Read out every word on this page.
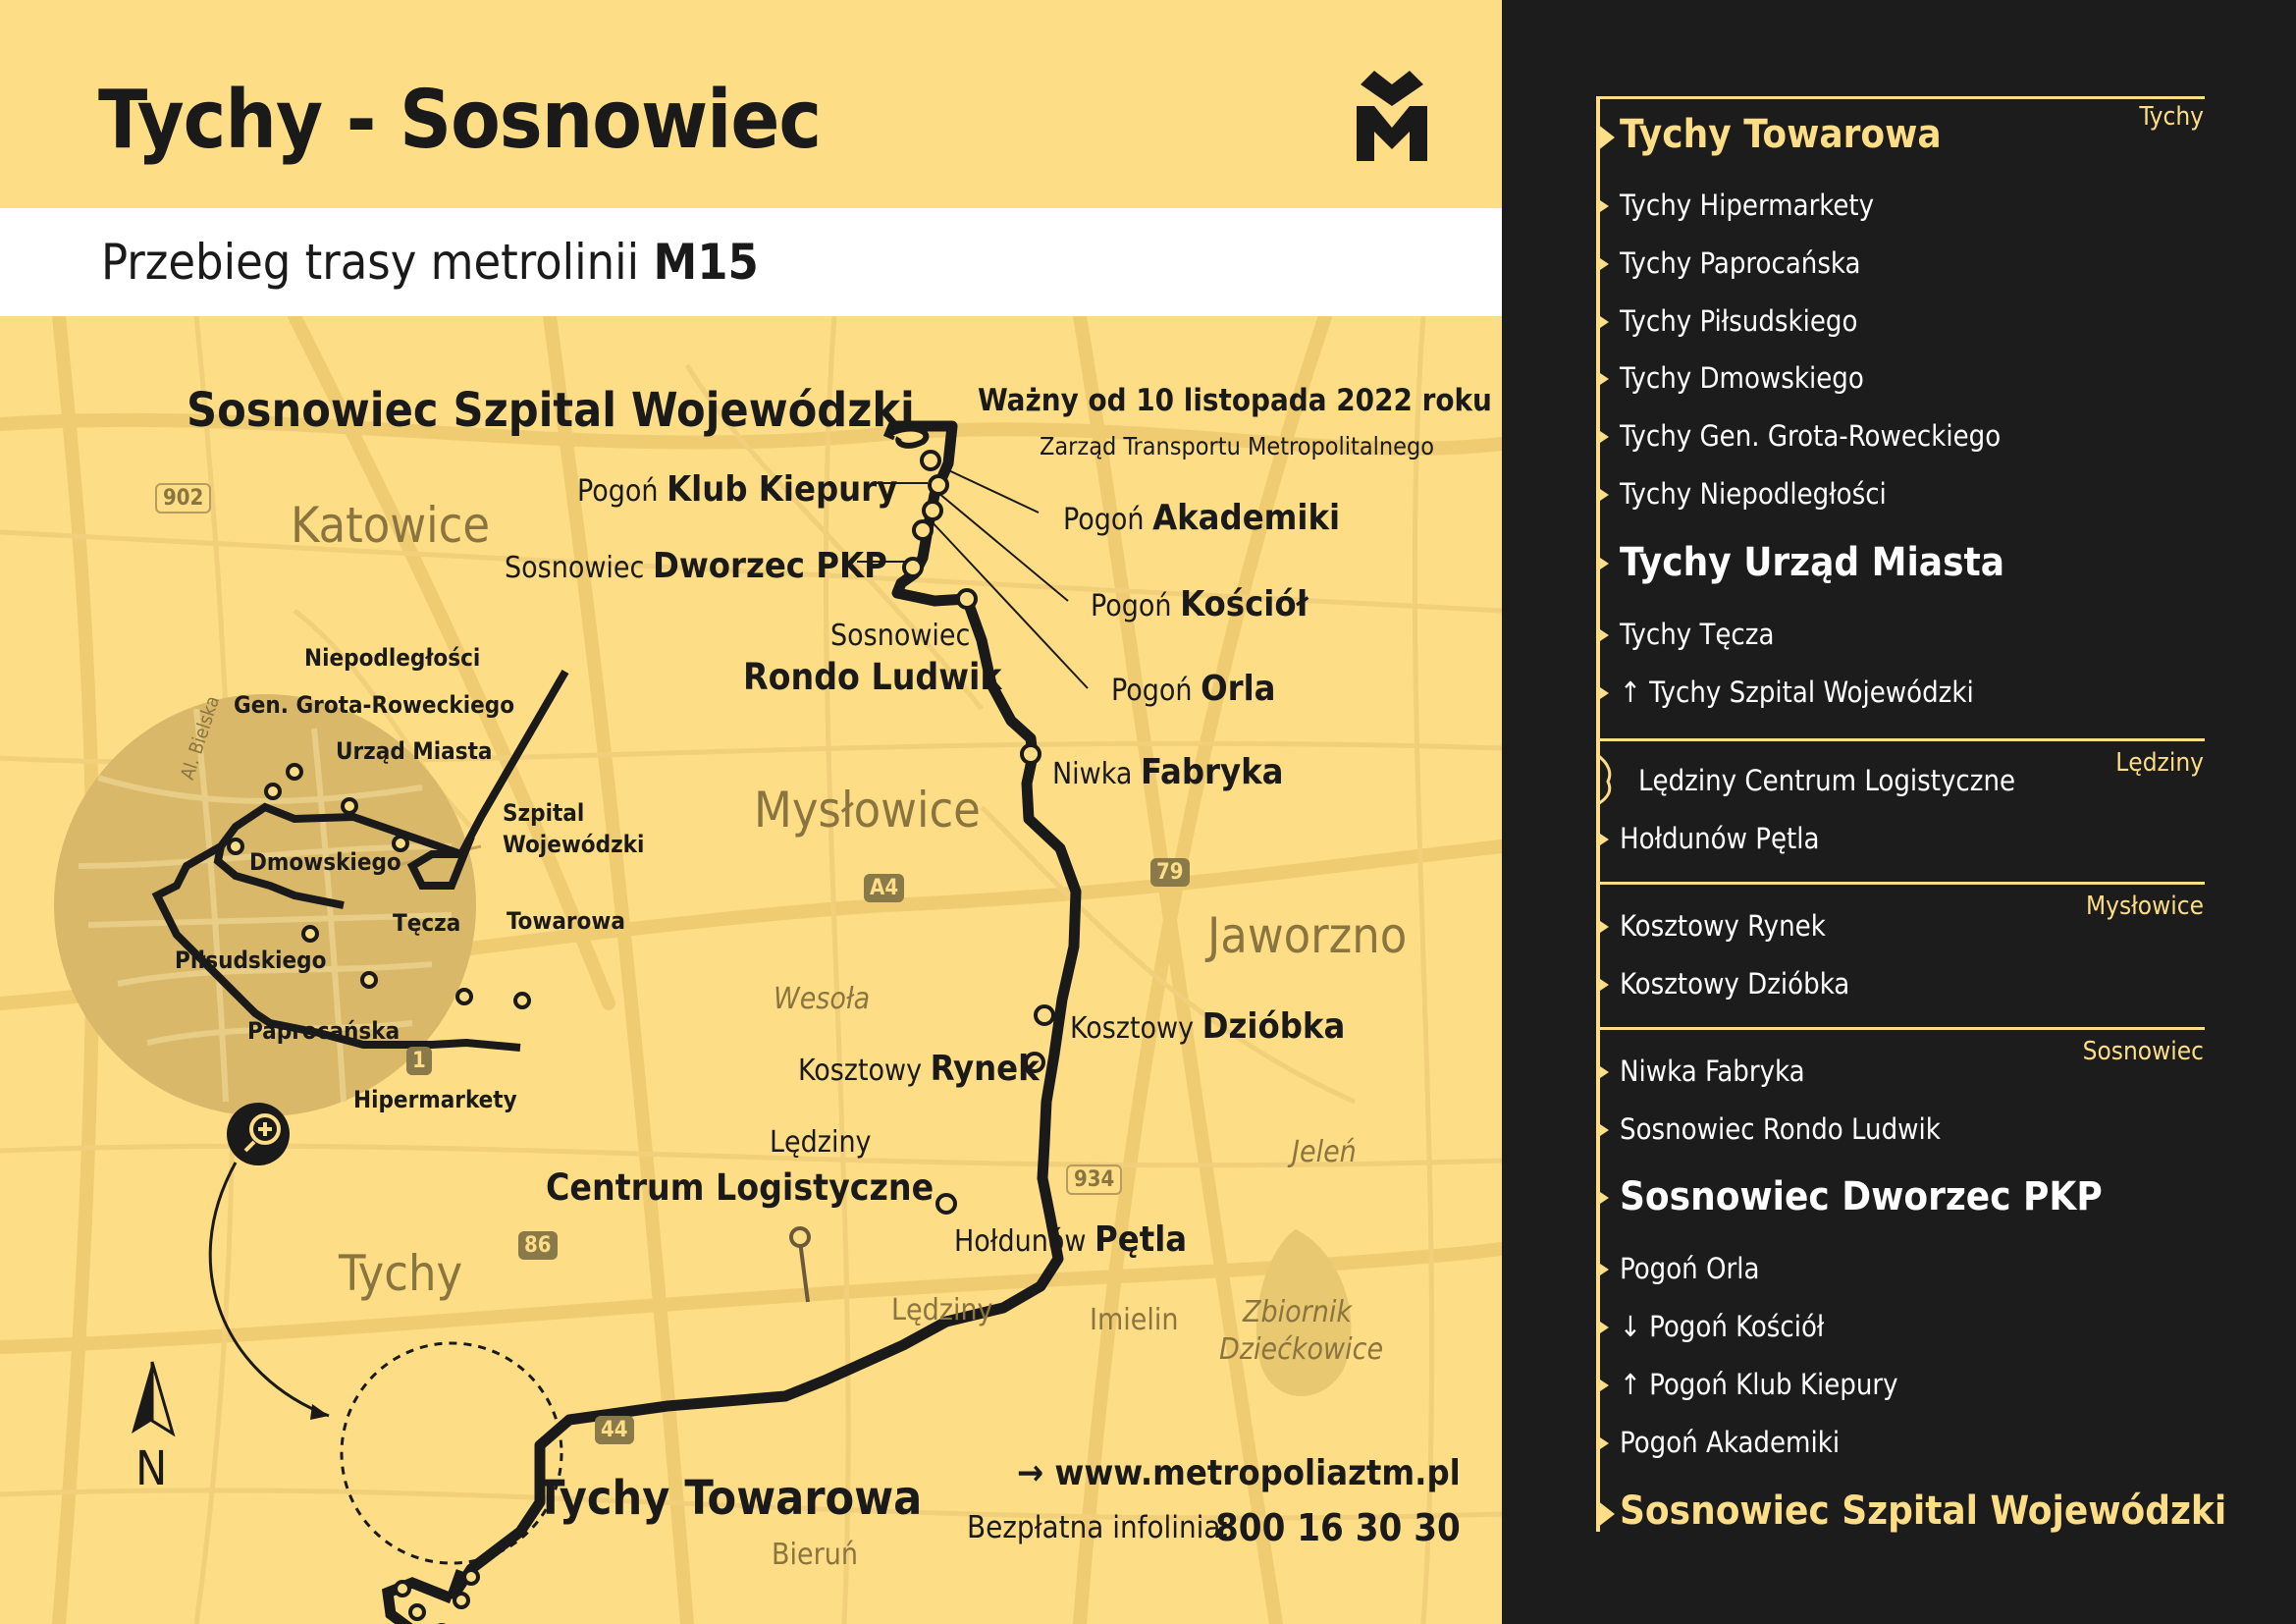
Tychy - Sosnowiec
Przebieg trasy metrolinii M15
Katowice
Mysłowice
Jaworzno
Tychy
Wesoła
Jeleń
Lędziny	Imielin Zbiornik
Dziećkowice
Bieruń
902
A4
79
934
86
44
1
Ważny od 10 listopada 2022 roku
Zarząd Transportu Metropolitalnego
Sosnowiec Szpital Wojewódzki
Pogoń Klub Kiepury
Pogoń Akademiki
Sosnowiec Dworzec PKP
Pogoń Kościół
Sosnowiec
Rondo Ludwik	Pogoń Orla
Niwka Fabryka
Kosztowy Dzióbka
Kosztowy Rynek
Lędziny
Centrum Logistyczne
Hołdunów Pętla
Tychy Towarowa
Niepodległości
Gen. Grota-Roweckiego
Urząd Miasta
Szpital
Wojewódzki
Dmowskiego
Tęcza Towarowa
Piłsudskiego
Paprocańska
Hipermarkety
Al. Bielska
N	→ www.metropoliaztm.pl
Bezpłatna infolinia:
800 16 30 30
Tychy
Lędziny
Mysłowice
Sosnowiec
Tychy Towarowa
Tychy Hipermarkety
Tychy Paprocańska
Tychy Piłsudskiego
Tychy Dmowskiego
Tychy Gen. Grota-Roweckiego
Tychy Niepodległości
Tychy Urząd Miasta
Tychy Tęcza
↑ Tychy Szpital Wojewódzki
Lędziny Centrum Logistyczne
Hołdunów Pętla
Kosztowy Rynek
Kosztowy Dzióbka
Niwka Fabryka
Sosnowiec Rondo Ludwik
Sosnowiec Dworzec PKP
Pogoń Orla
↓ Pogoń Kościół
↑ Pogoń Klub Kiepury
Pogoń Akademiki
Sosnowiec Szpital Wojewódzki
